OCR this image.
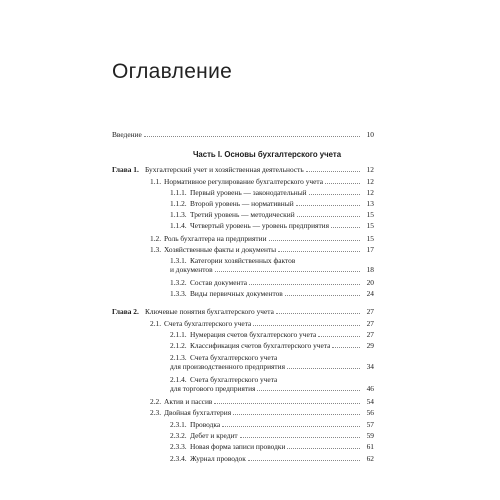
Оглавление
Введение	10
Часть I. Основы бухгалтерского учета
Глава 1. Бухгалтерский учет и хозяйственная деятельность	12
1.1. Нормативное регулирование бухгалтерского учета	12
1.1.1. Первый уровень — законодательный	12
1.1.2. Второй уровень — нормативный	13
1.1.3. Третий уровень — методический	15
1.1.4. Четвертый уровень — уровень предприятия	15
1.2. Роль бухгалтера на предприятии	15
1.3. Хозяйственные факты и документы	17
1.3.1. Категории хозяйственных фактов
и документов	18
1.3.2. Состав документа	20
1.3.3. Виды первичных документов	24
Глава 2. Ключевые понятия бухгалтерского учета	27
2.1. Счета бухгалтерского учета	27
2.1.1. Нумерация счетов бухгалтерского учета	27
2.1.2. Классификация счетов бухгалтерского учета	29
2.1.3. Счета бухгалтерского учета
для производственного предприятия	34
2.1.4. Счета бухгалтерского учета
для торгового предприятия	46
2.2. Актив и пассив	54
2.3. Двойная бухгалтерия	56
2.3.1. Проводка	57
2.3.2. Дебет и кредит	59
2.3.3. Новая форма записи проводки	61
2.3.4. Журнал проводок	62
